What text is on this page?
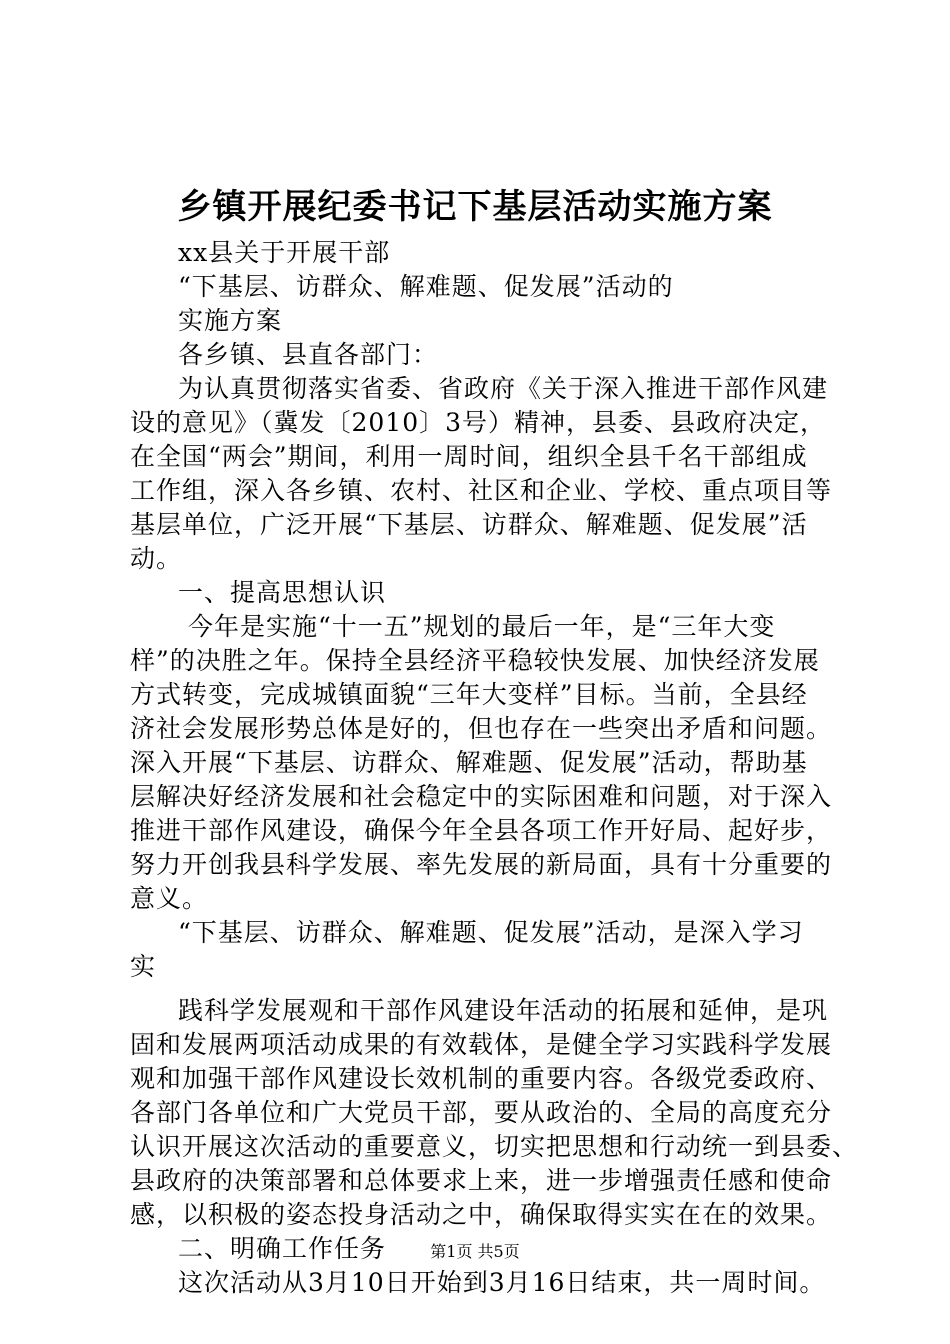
乡镇开展纪委书记下基层活动实施方案
xx县关于开展干部
“下基层、访群众、解难题、促发展”活动的
实施方案
各乡镇、县直各部门：
为认真贯彻落实省委、省政府《关于深入推进干部作风建
设的意见》（冀发〔2010〕3号）精神，县委、县政府决定，
在全国“两会”期间，利用一周时间，组织全县千名干部组成
工作组，深入各乡镇、农村、社区和企业、学校、重点项目等
基层单位，广泛开展“下基层、访群众、解难题、促发展”活
动。
一、提高思想认识
今年是实施“十一五”规划的最后一年，是“三年大变
样”的决胜之年。保持全县经济平稳较快发展、加快经济发展
方式转变，完成城镇面貌“三年大变样”目标。当前，全县经
济社会发展形势总体是好的，但也存在一些突出矛盾和问题。
深入开展“下基层、访群众、解难题、促发展”活动，帮助基
层解决好经济发展和社会稳定中的实际困难和问题，对于深入
推进干部作风建设，确保今年全县各项工作开好局、起好步，
努力开创我县科学发展、率先发展的新局面，具有十分重要的
意义。
“下基层、访群众、解难题、促发展”活动，是深入学习
实
践科学发展观和干部作风建设年活动的拓展和延伸，是巩
固和发展两项活动成果的有效载体，是健全学习实践科学发展
观和加强干部作风建设长效机制的重要内容。各级党委政府、
各部门各单位和广大党员干部，要从政治的、全局的高度充分
认识开展这次活动的重要意义，切实把思想和行动统一到县委、
县政府的决策部署和总体要求上来，进一步增强责任感和使命
感，以积极的姿态投身活动之中，确保取得实实在在的效果。
二、明确工作任务
这次活动从3月10日开始到3月16日结束，共一周时间。
第1页 共5页
